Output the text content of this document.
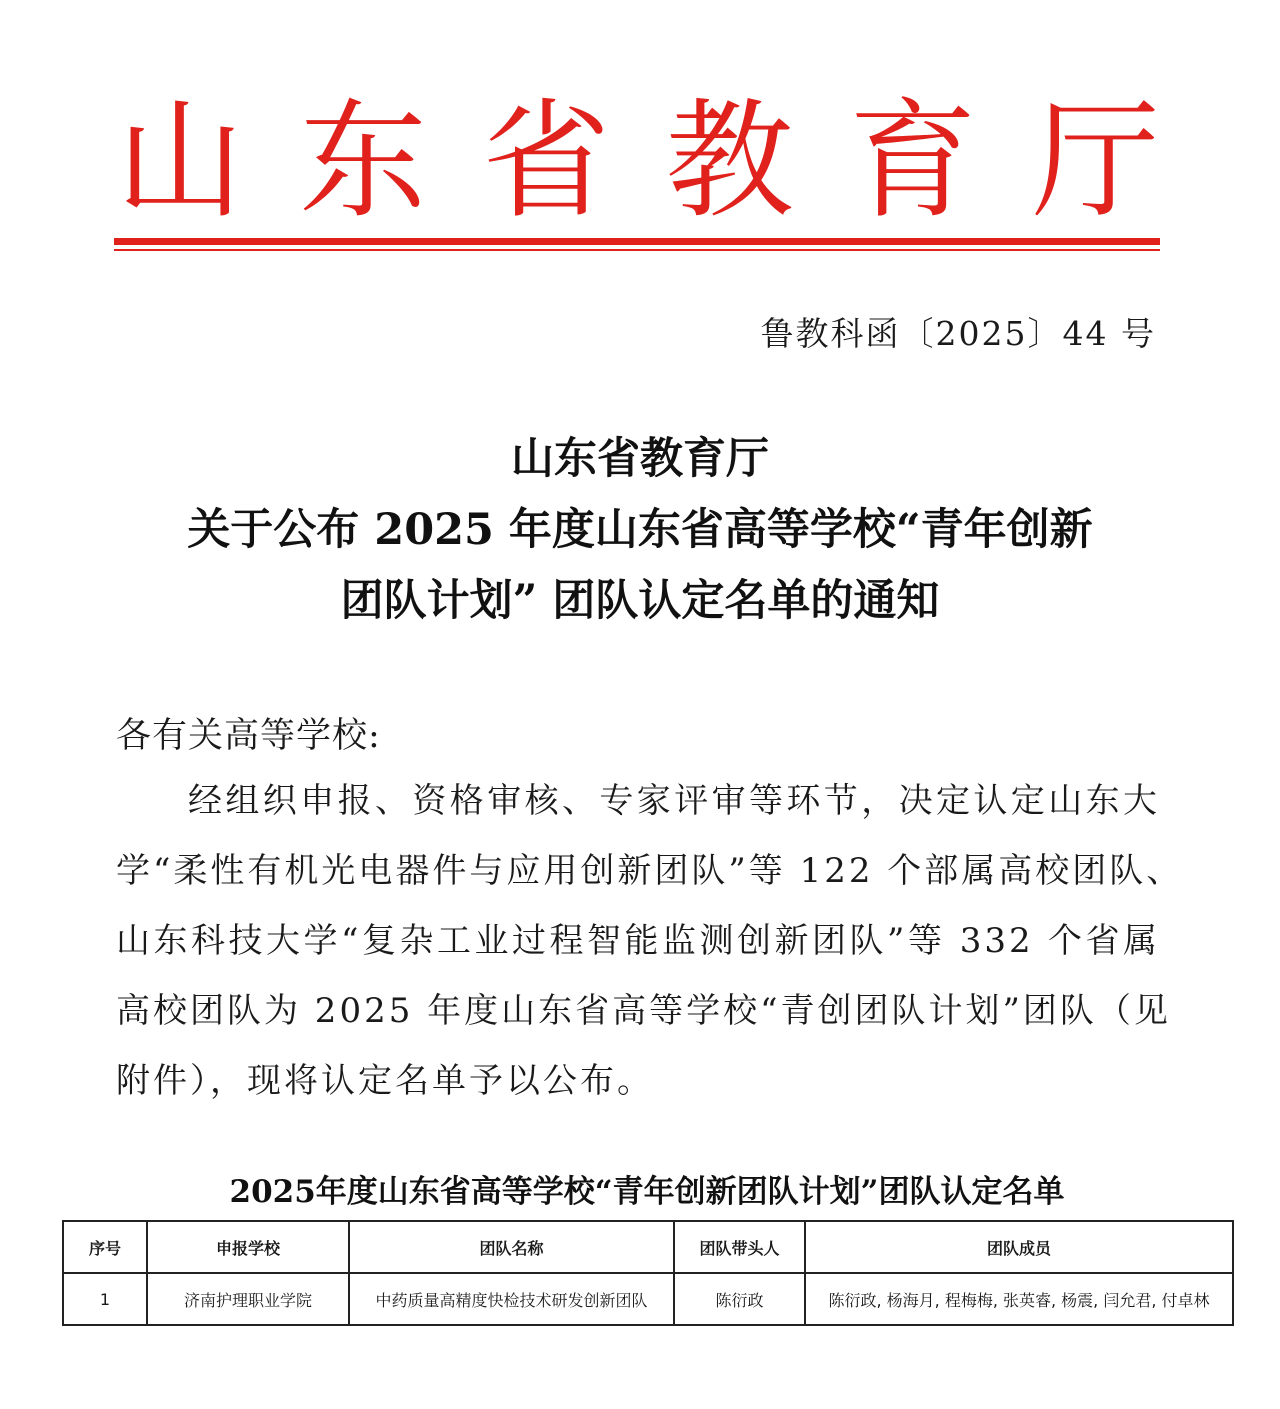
山 东 省 教 育 厅
鲁教科函〔2025〕44 号
山东省教育厅
关于公布 2025 年度山东省高等学校“青年创新
团队计划” 团队认定名单的通知
各有关高等学校:
经组织申报、资格审核、专家评审等环节，决定认定山东大
学“柔性有机光电器件与应用创新团队”等 122 个部属高校团队、
山东科技大学“复杂工业过程智能监测创新团队”等 332 个省属
高校团队为 2025 年度山东省高等学校“青创团队计划”团队（见
附件），现将认定名单予以公布。
2025年度山东省高等学校“青年创新团队计划”团队认定名单
序号	申报学校	团队名称	团队带头人	团队成员
1	济南护理职业学院	中药质量高精度快检技术研发创新团队	陈衍政	陈衍政, 杨海月, 程梅梅, 张英睿, 杨震, 闫允君, 付卓林
